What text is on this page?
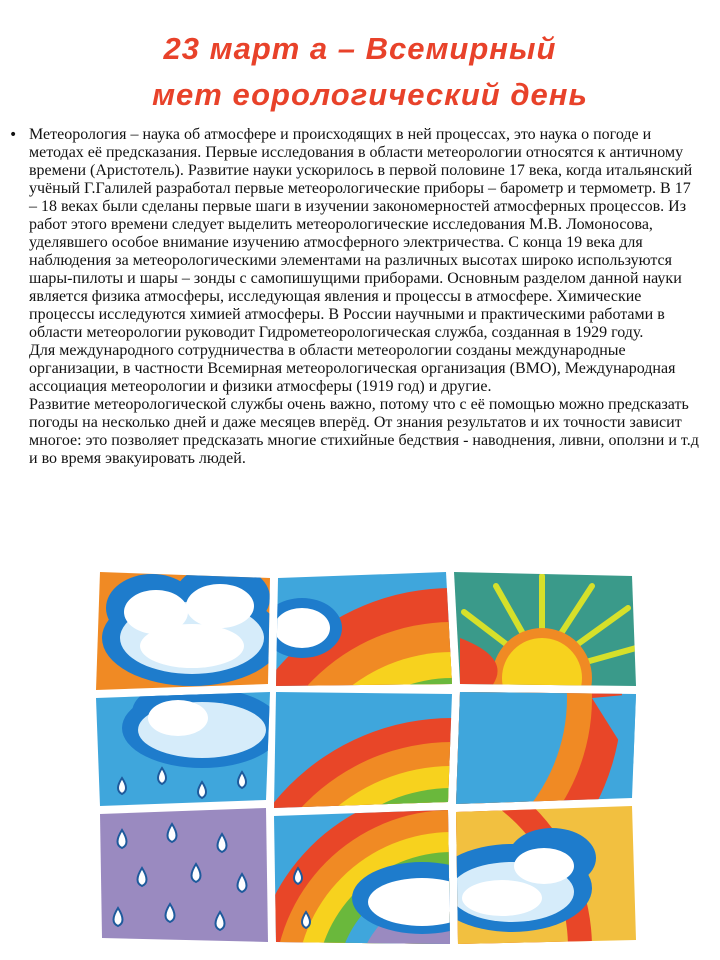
23 март а – Всемирный
мет еорологический день
• Метеорология – наука об атмосфере и происходящих в ней процессах, это наука о погоде и методах её предсказания. Первые исследования в области метеорологии относятся к античному времени (Аристотель). Развитие науки ускорилось в первой половине 17 века, когда итальянский учёный Г.Галилей разработал первые метеорологические приборы – барометр и термометр. В 17 – 18 веках были сделаны первые шаги в изучении закономерностей атмосферных процессов. Из работ этого времени следует выделить метеорологические исследования М.В. Ломоносова, уделявшего особое внимание изучению атмосферного электричества. С конца 19 века для наблюдения за метеорологическими элементами на различных высотах широко используются шары-пилоты и шары – зонды с самопишущими приборами. Основным разделом данной науки является физика атмосферы, исследующая явления и процессы в атмосфере. Химические процессы исследуются химией атмосферы. В России научными и практическими работами в области метеорологии руководит Гидрометеорологическая служба, созданная в 1929 году.

Для международного сотрудничества в области метеорологии созданы международные организации, в частности Всемирная метеорологическая организация (ВМО), Международная ассоциация метеорологии и физики атмосферы (1919 год) и другие.

Развитие метеорологической службы очень важно, потому что с её помощью можно предсказать погоды на несколько дней и даже месяцев вперёд. От знания результатов и их точности зависит многое: это позволяет предсказать многие стихийные бедствия - наводнения, ливни, оползни и т.д и во время эвакуировать людей.
